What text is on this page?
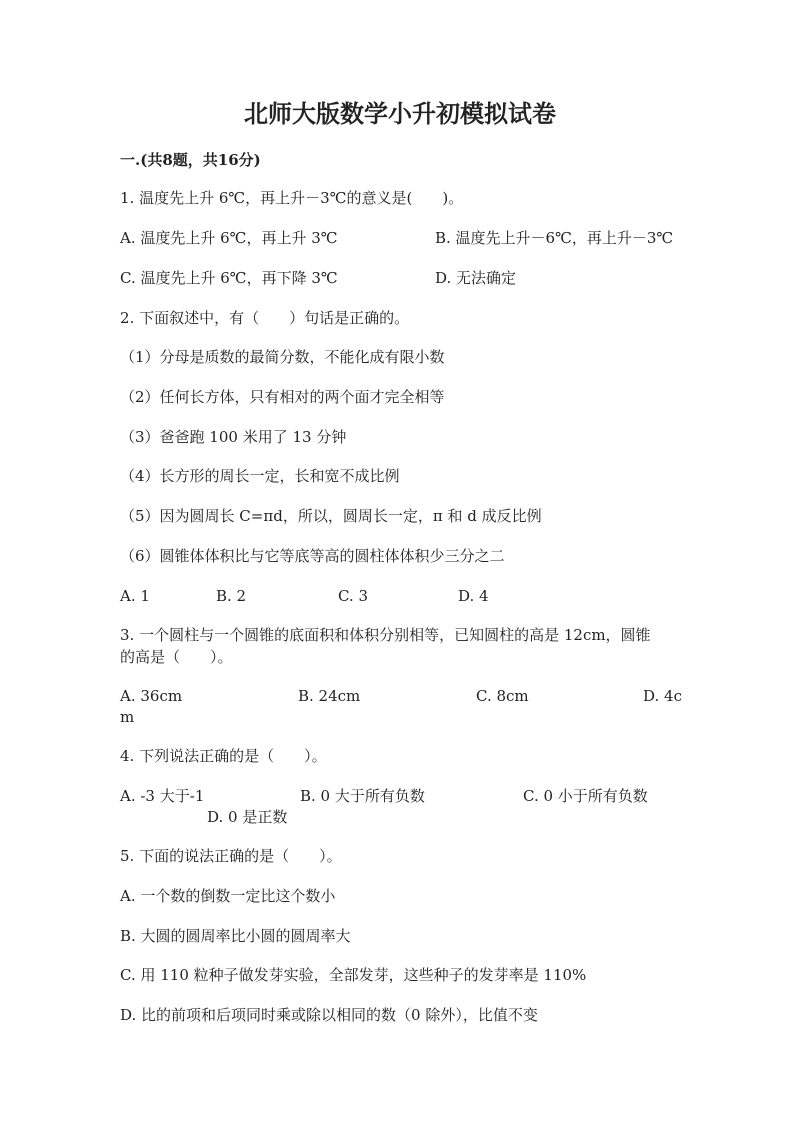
北师大版数学小升初模拟试卷
一.(共8题，共16分)
1. 温度先上升 6℃，再上升－3℃的意义是(　　)。
A. 温度先上升 6℃，再上升 3℃	B. 温度先上升－6℃，再上升－3℃
C. 温度先上升 6℃，再下降 3℃	D. 无法确定
2. 下面叙述中，有（　　）句话是正确的。
（1）分母是质数的最简分数，不能化成有限小数
（2）任何长方体，只有相对的两个面才完全相等
（3）爸爸跑 100 米用了 13 分钟
（4）长方形的周长一定，长和宽不成比例
（5）因为圆周长 C=πd，所以，圆周长一定，π 和 d 成反比例
（6）圆锥体体积比与它等底等高的圆柱体体积少三分之二
A. 1	B. 2	C. 3	D. 4
3. 一个圆柱与一个圆锥的底面积和体积分别相等，已知圆柱的高是 12cm，圆锥
的高是（　　）。
A. 36cm	B. 24cm	C. 8cm	D. 4c
m
4. 下列说法正确的是（　　）。
A. -3 大于-1	B. 0 大于所有负数	C. 0 小于所有负数
D. 0 是正数
5. 下面的说法正确的是（　　）。
A. 一个数的倒数一定比这个数小
B. 大圆的圆周率比小圆的圆周率大
C. 用 110 粒种子做发芽实验，全部发芽，这些种子的发芽率是 110%
D. 比的前项和后项同时乘或除以相同的数（0 除外），比值不变
